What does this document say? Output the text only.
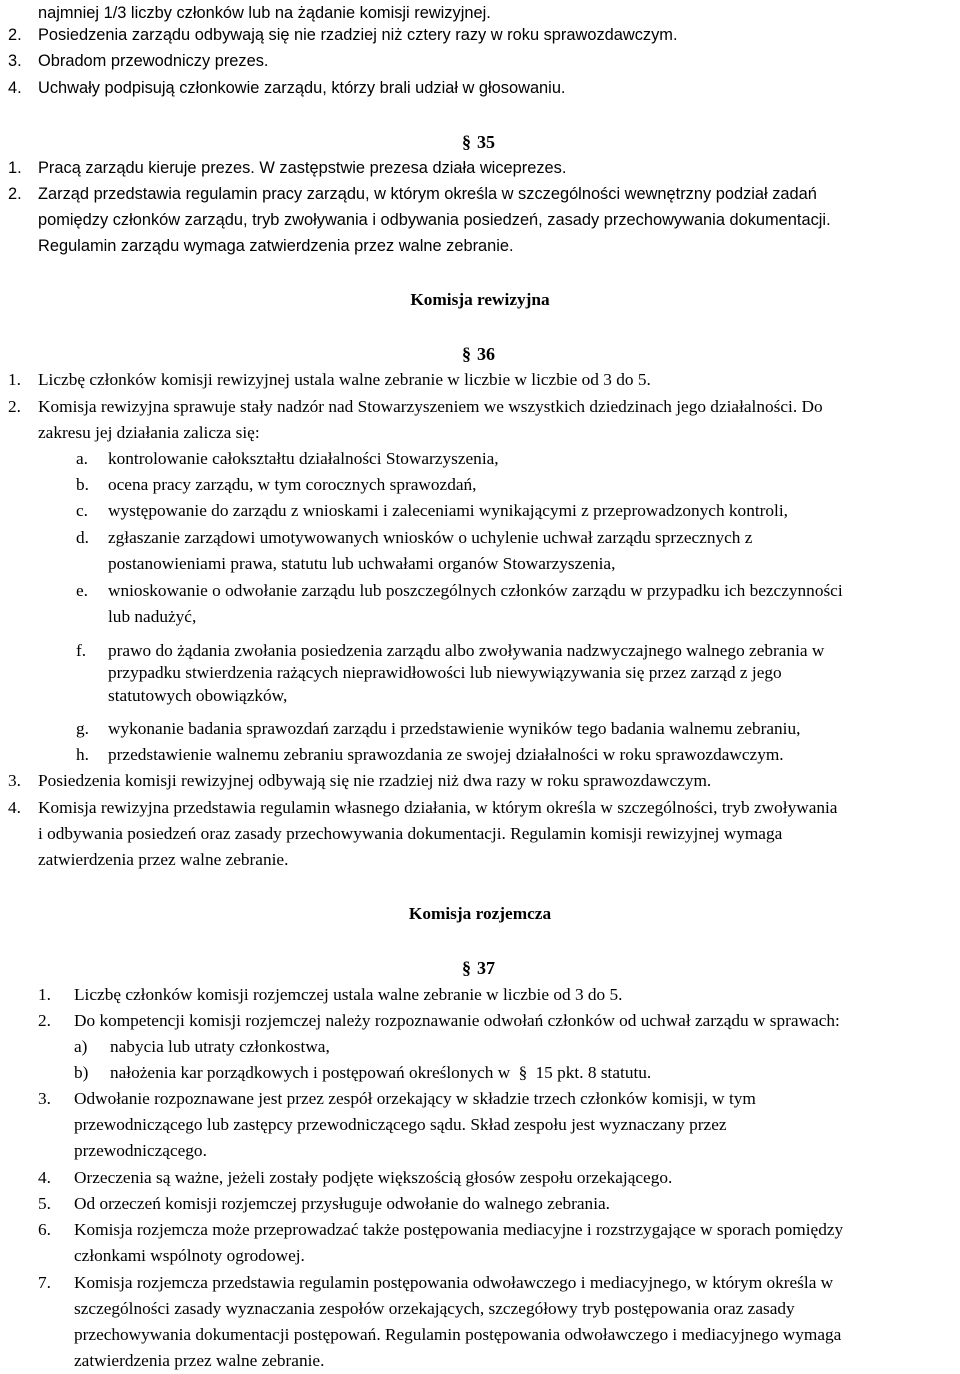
najmniej 1/3 liczby członków lub na żądanie komisji rewizyjnej.
2. Posiedzenia zarządu odbywają się nie rzadziej niż cztery razy w roku sprawozdawczym.
3. Obradom przewodniczy prezes.
4. Uchwały podpisują członkowie zarządu, którzy brali udział w głosowaniu.
§ 35
1. Pracą zarządu kieruje prezes. W zastępstwie prezesa działa wiceprezes.
2. Zarząd przedstawia regulamin pracy zarządu, w którym określa w szczególności wewnętrzny podział zadań
pomiędzy członków zarządu, tryb zwoływania i odbywania posiedzeń, zasady przechowywania dokumentacji.
Regulamin zarządu wymaga zatwierdzenia przez walne zebranie.
Komisja rewizyjna
§ 36
1. Liczbę członków komisji rewizyjnej ustala walne zebranie w liczbie w liczbie od 3 do 5.
2. Komisja rewizyjna sprawuje stały nadzór nad Stowarzyszeniem we wszystkich dziedzinach jego działalności. Do
zakresu jej działania zalicza się:
a. kontrolowanie całokształtu działalności Stowarzyszenia,
b. ocena pracy zarządu, w tym corocznych sprawozdań,
c. występowanie do zarządu z wnioskami i zaleceniami wynikającymi z przeprowadzonych kontroli,
d. zgłaszanie zarządowi umotywowanych wniosków o uchylenie uchwał zarządu sprzecznych z
postanowieniami prawa, statutu lub uchwałami organów Stowarzyszenia,
e. wnioskowanie o odwołanie zarządu lub poszczególnych członków zarządu w przypadku ich bezczynności
lub nadużyć,
f. prawo do żądania zwołania posiedzenia zarządu albo zwoływania nadzwyczajnego walnego zebrania w
przypadku stwierdzenia rażących nieprawidłowości lub niewywiązywania się przez zarząd z jego
statutowych obowiązków,
g. wykonanie badania sprawozdań zarządu i przedstawienie wyników tego badania walnemu zebraniu,
h. przedstawienie walnemu zebraniu sprawozdania ze swojej działalności w roku sprawozdawczym.
3. Posiedzenia komisji rewizyjnej odbywają się nie rzadziej niż dwa razy w roku sprawozdawczym.
4. Komisja rewizyjna przedstawia regulamin własnego działania, w którym określa w szczególności, tryb zwoływania
i odbywania posiedzeń oraz zasady przechowywania dokumentacji. Regulamin komisji rewizyjnej wymaga
zatwierdzenia przez walne zebranie.
Komisja rozjemcza
§ 37
1. Liczbę członków komisji rozjemczej ustala walne zebranie w liczbie od 3 do 5.
2. Do kompetencji komisji rozjemczej należy rozpoznawanie odwołań członków od uchwał zarządu w sprawach:
a) nabycia lub utraty członkostwa,
b) nałożenia kar porządkowych i postępowań określonych w § 15 pkt. 8 statutu.
3. Odwołanie rozpoznawane jest przez zespół orzekający w składzie trzech członków komisji, w tym
przewodniczącego lub zastępcy przewodniczącego sądu. Skład zespołu jest wyznaczany przez
przewodniczącego.
4. Orzeczenia są ważne, jeżeli zostały podjęte większością głosów zespołu orzekającego.
5. Od orzeczeń komisji rozjemczej przysługuje odwołanie do walnego zebrania.
6. Komisja rozjemcza może przeprowadzać także postępowania mediacyjne i rozstrzygające w sporach pomiędzy
członkami wspólnoty ogrodowej.
7. Komisja rozjemcza przedstawia regulamin postępowania odwoławczego i mediacyjnego, w którym określa w
szczególności zasady wyznaczania zespołów orzekających, szczegółowy tryb postępowania oraz zasady
przechowywania dokumentacji postępowań. Regulamin postępowania odwoławczego i mediacyjnego wymaga
zatwierdzenia przez walne zebranie.
